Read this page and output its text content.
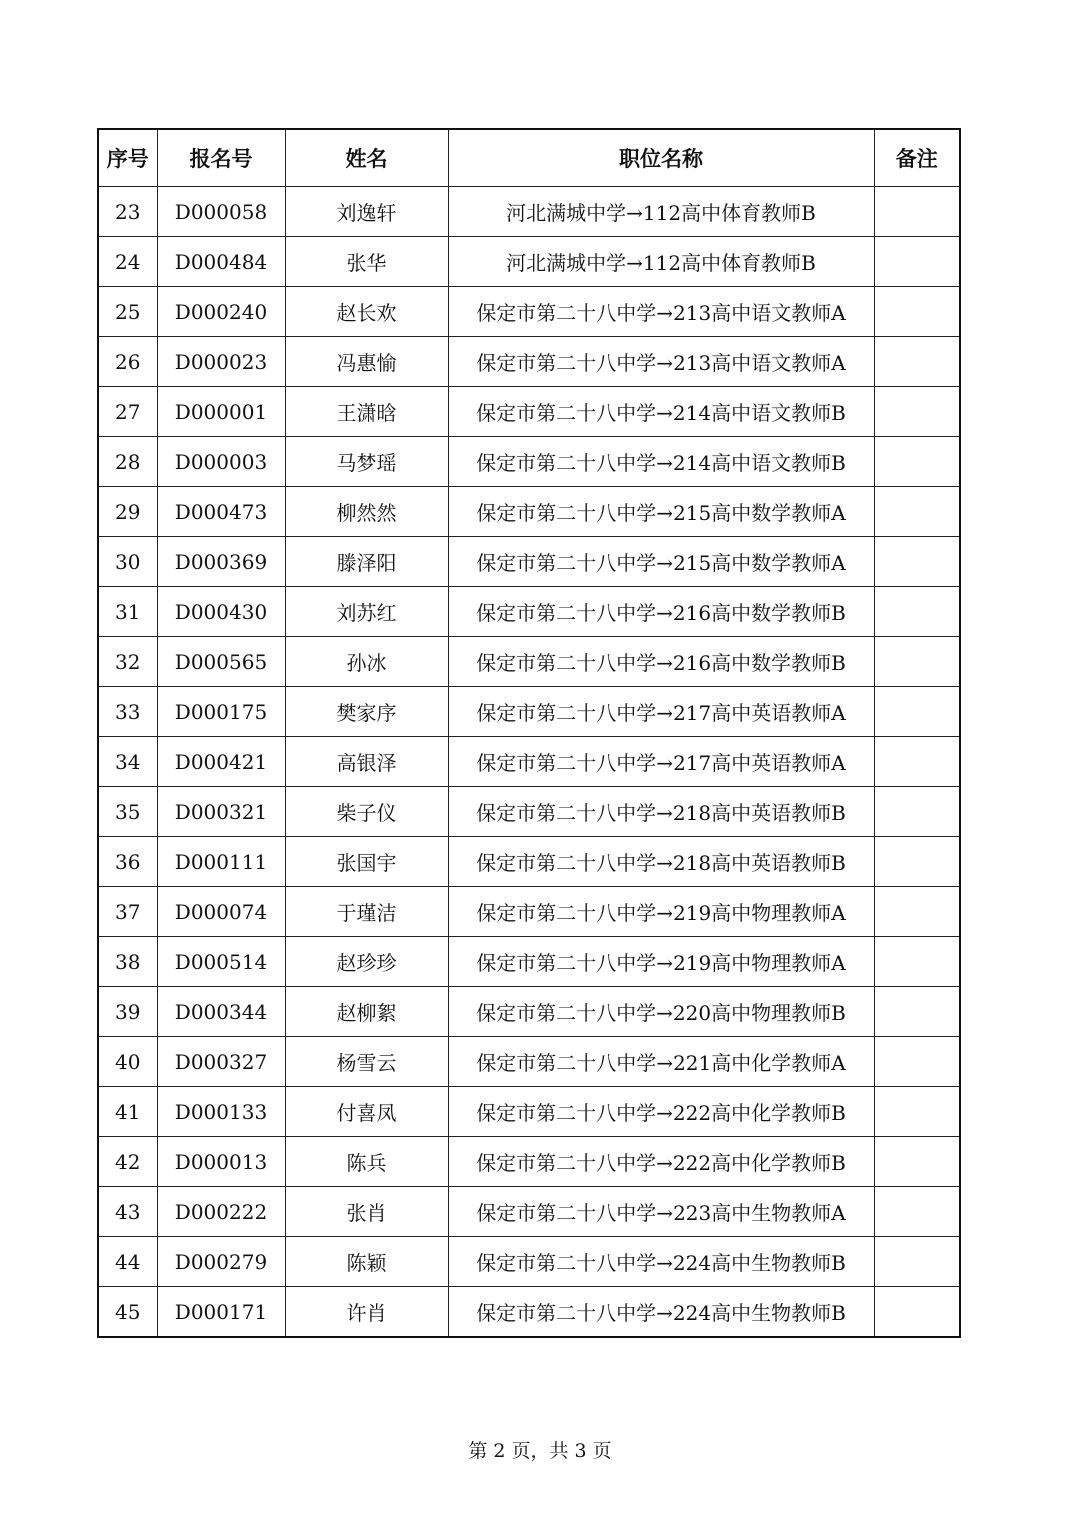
序号	报名号	姓名	职位名称	备注
23	D000058	刘逸轩	河北满城中学→112高中体育教师B	
24	D000484	张华	河北满城中学→112高中体育教师B	
25	D000240	赵长欢	保定市第二十八中学→213高中语文教师A	
26	D000023	冯惠愉	保定市第二十八中学→213高中语文教师A	
27	D000001	王潇晗	保定市第二十八中学→214高中语文教师B	
28	D000003	马梦瑶	保定市第二十八中学→214高中语文教师B	
29	D000473	柳然然	保定市第二十八中学→215高中数学教师A	
30	D000369	滕泽阳	保定市第二十八中学→215高中数学教师A	
31	D000430	刘苏红	保定市第二十八中学→216高中数学教师B	
32	D000565	孙冰	保定市第二十八中学→216高中数学教师B	
33	D000175	樊家序	保定市第二十八中学→217高中英语教师A	
34	D000421	高银泽	保定市第二十八中学→217高中英语教师A	
35	D000321	柴子仪	保定市第二十八中学→218高中英语教师B	
36	D000111	张国宇	保定市第二十八中学→218高中英语教师B	
37	D000074	于瑾洁	保定市第二十八中学→219高中物理教师A	
38	D000514	赵珍珍	保定市第二十八中学→219高中物理教师A	
39	D000344	赵柳絮	保定市第二十八中学→220高中物理教师B	
40	D000327	杨雪云	保定市第二十八中学→221高中化学教师A	
41	D000133	付喜凤	保定市第二十八中学→222高中化学教师B	
42	D000013	陈兵	保定市第二十八中学→222高中化学教师B	
43	D000222	张肖	保定市第二十八中学→223高中生物教师A	
44	D000279	陈颖	保定市第二十八中学→224高中生物教师B	
45	D000171	许肖	保定市第二十八中学→224高中生物教师B	
第 2 页，共 3 页
